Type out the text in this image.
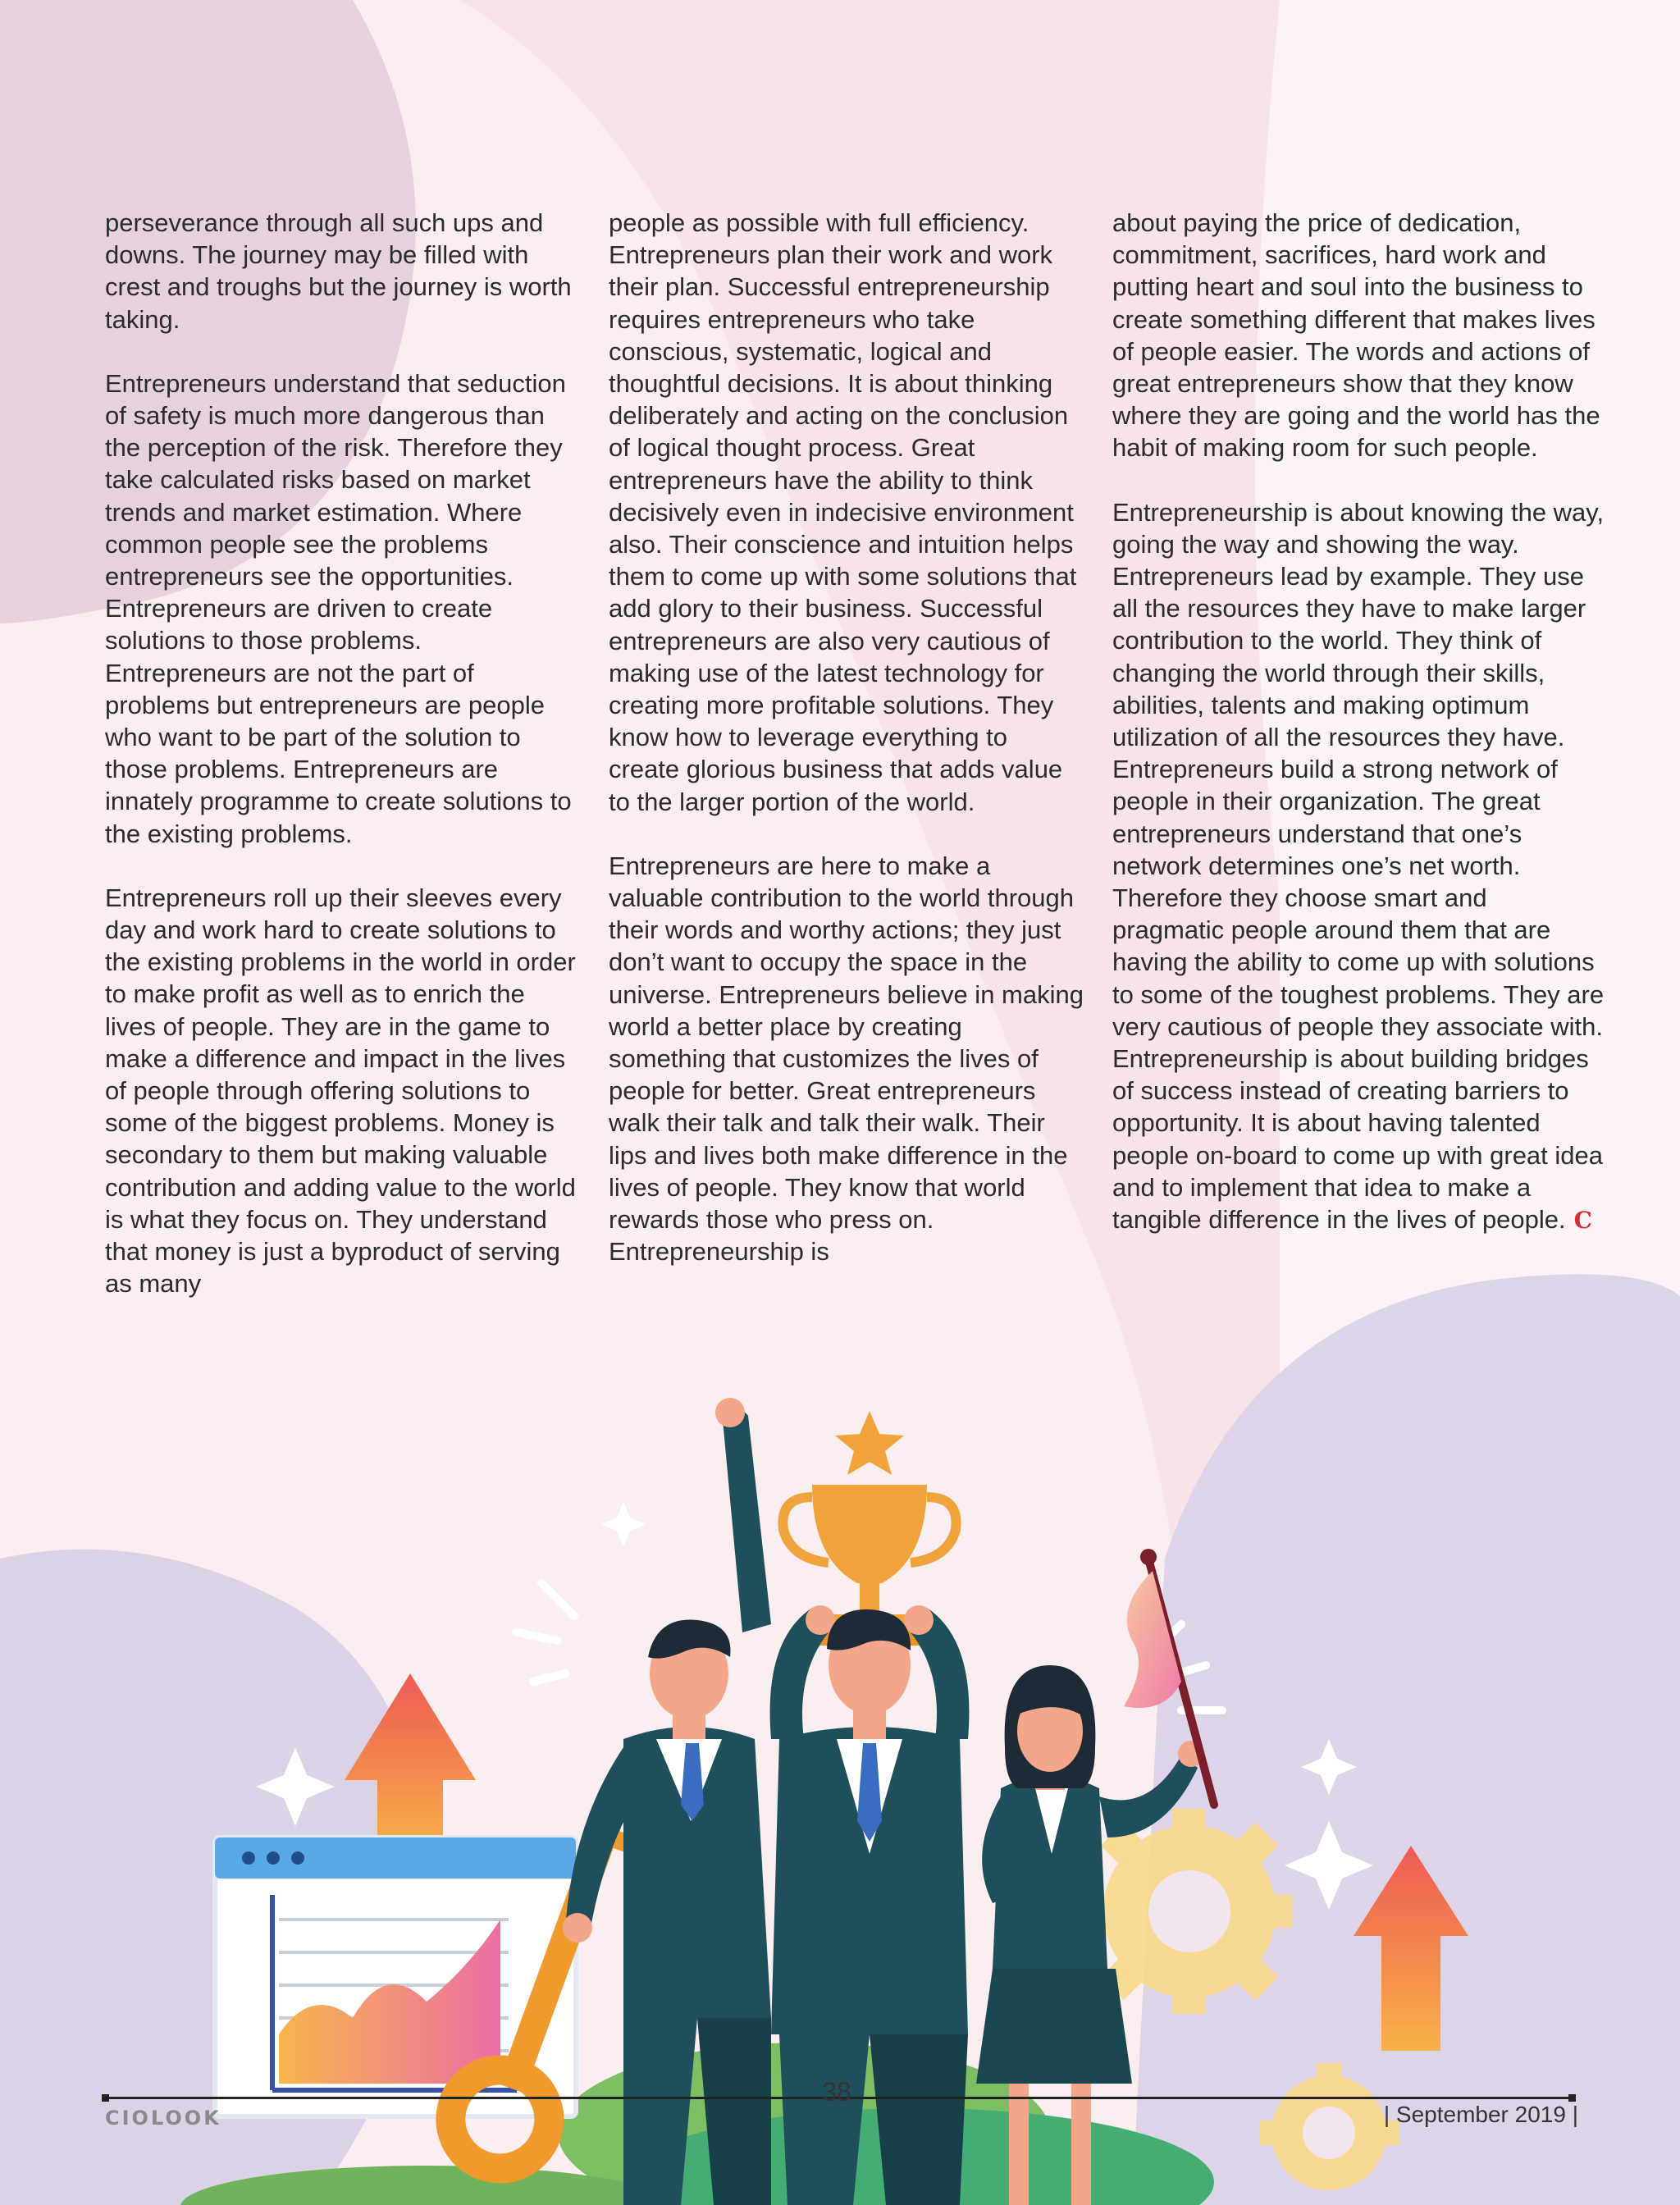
perseverance through all such ups and downs. The journey may be filled with crest and troughs but the journey is worth taking.

Entrepreneurs understand that seduction of safety is much more dangerous than the perception of the risk. Therefore they take calculated risks based on market trends and market estimation. Where common people see the problems entrepreneurs see the opportunities. Entrepreneurs are driven to create solutions to those problems. Entrepreneurs are not the part of problems but entrepreneurs are people who want to be part of the solution to those problems. Entrepreneurs are innately programme to create solutions to the existing problems.

Entrepreneurs roll up their sleeves every day and work hard to create solutions to the existing problems in the world in order to make profit as well as to enrich the lives of people. They are in the game to make a difference and impact in the lives of people through offering solutions to some of the biggest problems. Money is secondary to them but making valuable contribution and adding value to the world is what they focus on. They understand that money is just a byproduct of serving as many

people as possible with full efficiency. Entrepreneurs plan their work and work their plan. Successful entrepreneurship requires entrepreneurs who take conscious, systematic, logical and thoughtful decisions. It is about thinking deliberately and acting on the conclusion of logical thought process. Great entrepreneurs have the ability to think decisively even in indecisive environment also. Their conscience and intuition helps them to come up with some solutions that add glory to their business. Successful entrepreneurs are also very cautious of making use of the latest technology for creating more profitable solutions. They know how to leverage everything to create glorious business that adds value to the larger portion of the world.

Entrepreneurs are here to make a valuable contribution to the world through their words and worthy actions; they just don’t want to occupy the space in the universe. Entrepreneurs believe in making world a better place by creating something that customizes the lives of people for better. Great entrepreneurs walk their talk and talk their walk. Their lips and lives both make difference in the lives of people. They know that world rewards those who press on. Entrepreneurship is

about paying the price of dedication, commitment, sacrifices, hard work and putting heart and soul into the business to create something different that makes lives of people easier. The words and actions of great entrepreneurs show that they know where they are going and the world has the habit of making room for such people.

Entrepreneurship is about knowing the way, going the way and showing the way. Entrepreneurs lead by example. They use all the resources they have to make larger contribution to the world. They think of changing the world through their skills, abilities, talents and making optimum utilization of all the resources they have. Entrepreneurs build a strong network of people in their organization. The great entrepreneurs understand that one’s network determines one’s net worth. Therefore they choose smart and pragmatic people around them that are having the ability to come up with solutions to some of the toughest problems. They are very cautious of people they associate with. Entrepreneurship is about building bridges of success instead of creating barriers to opportunity. It is about having talented people on-board to come up with great idea and to implement that idea to make a tangible difference in the lives of people. C

38
CIOLOOK	| September 2019 |
